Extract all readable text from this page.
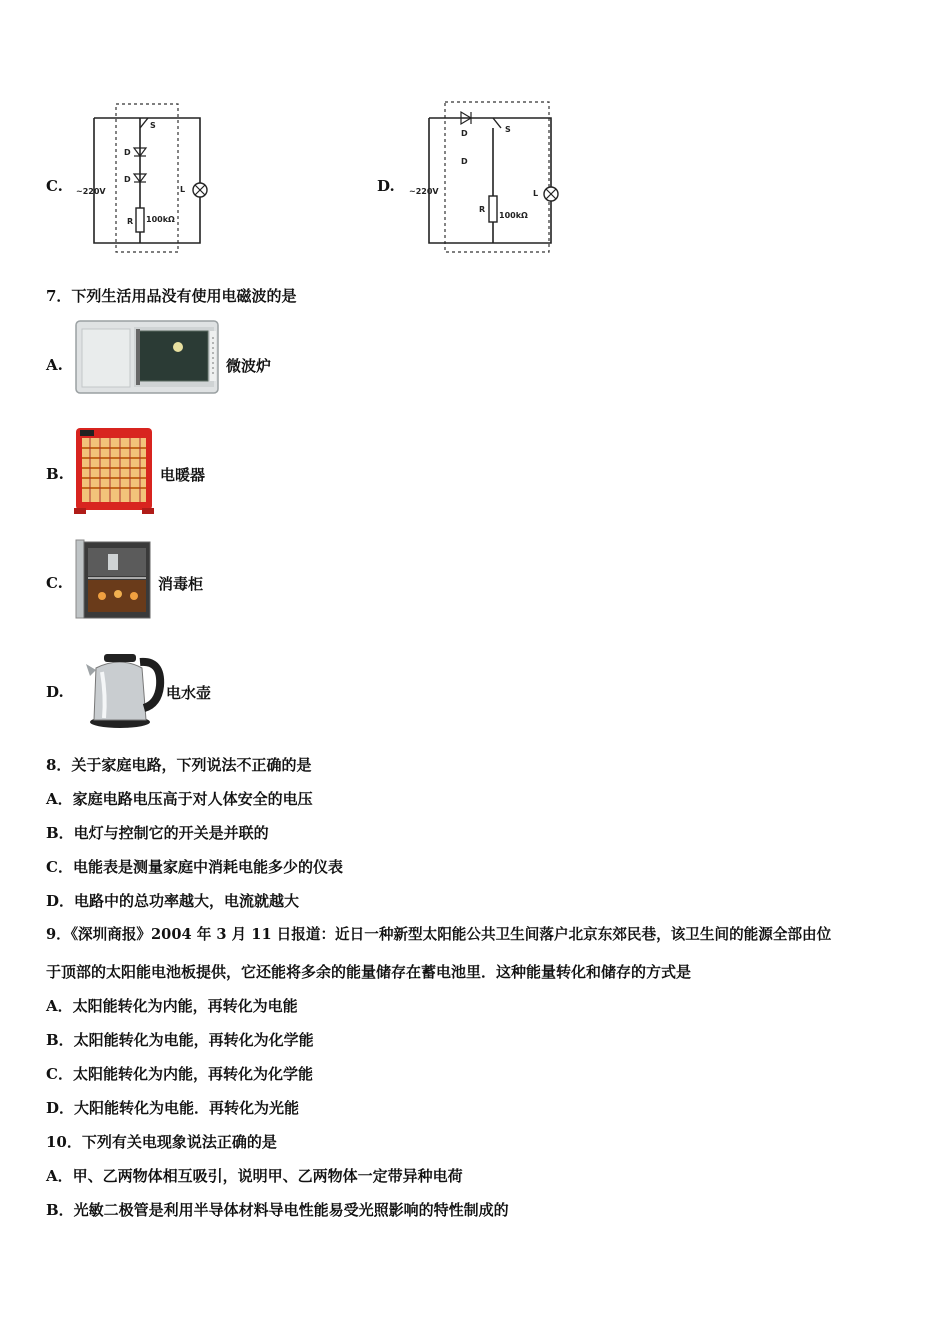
C.
S
D
D
R 100kΩ
~220V	L	D.
D
D
S
R
100kΩ
~220V	L
7．下列生活用品没有使用电磁波的是
A.	微波炉
B.	电暖器
C.	消毒柜
D.	电水壶
8．关于家庭电路，下列说法不正确的是
A．家庭电路电压高于对人体安全的电压
B．电灯与控制它的开关是并联的
C．电能表是测量家庭中消耗电能多少的仪表
D．电路中的总功率越大，电流就越大
9．《深圳商报》2004 年 3 月 11 日报道：近日一种新型太阳能公共卫生间落户北京东郊民巷，该卫生间的能源全部由位
于顶部的太阳能电池板提供，它还能将多余的能量储存在蓄电池里．这种能量转化和储存的方式是
A．太阳能转化为内能，再转化为电能
B．太阳能转化为电能，再转化为化学能
C．太阳能转化为内能，再转化为化学能
D．大阳能转化为电能．再转化为光能
10．下列有关电现象说法正确的是
A．甲、乙两物体相互吸引，说明甲、乙两物体一定带异种电荷
B．光敏二极管是利用半导体材料导电性能易受光照影响的特性制成的
